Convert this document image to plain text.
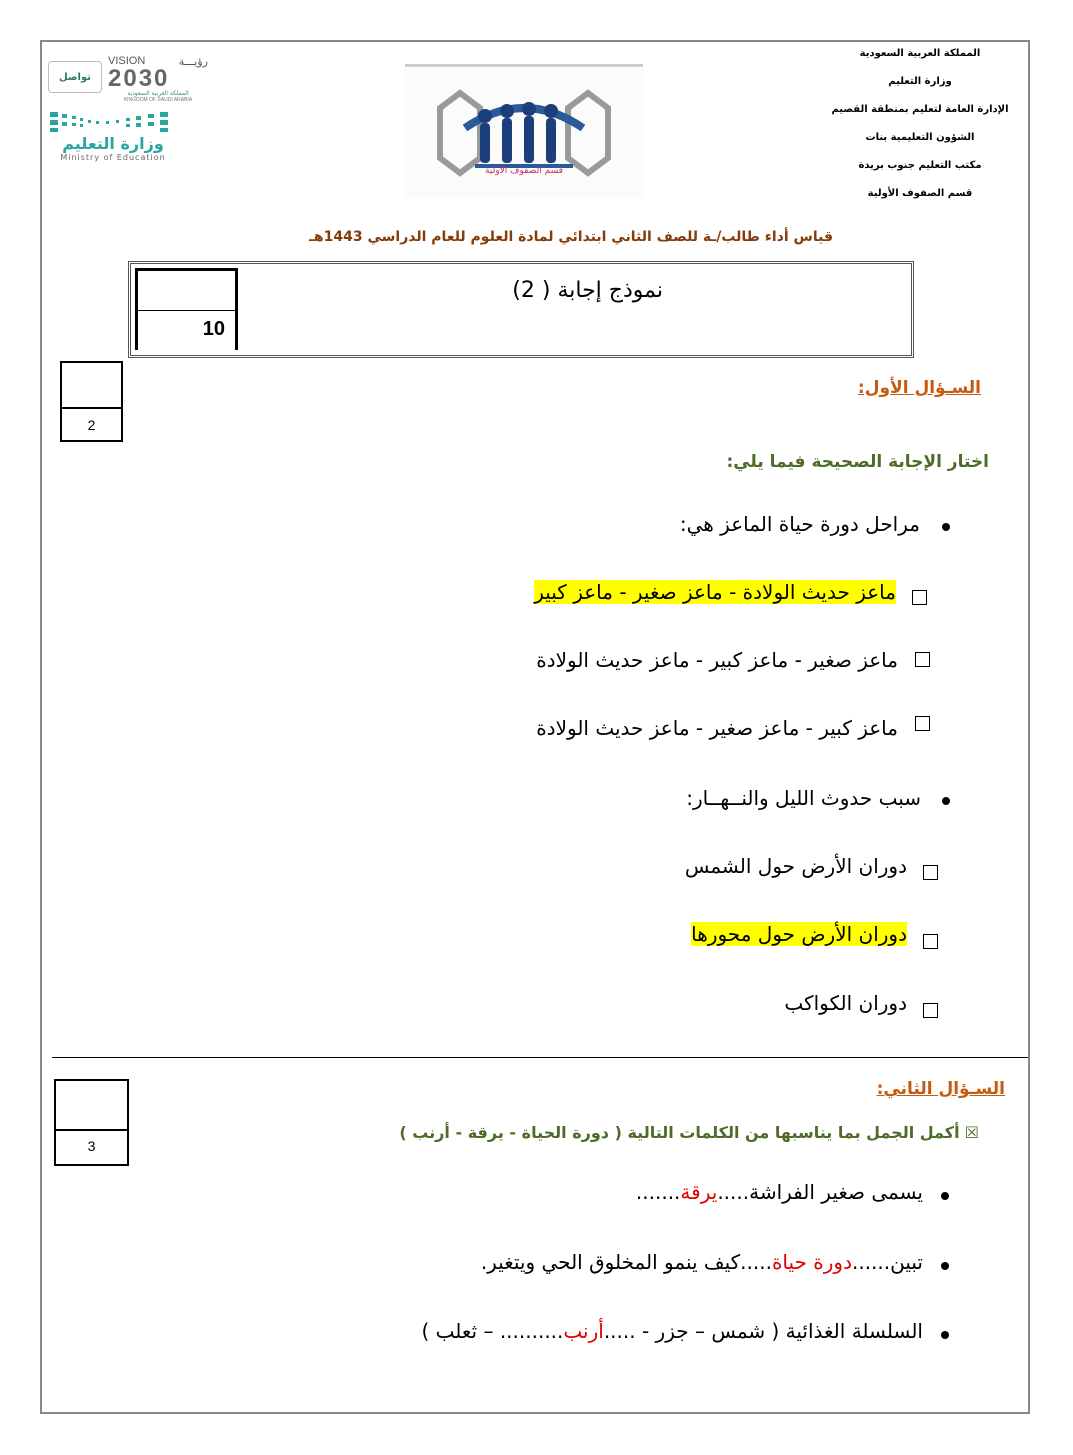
المملكة العربية السعودية
وزارة التعليم
الإدارة العامة لتعليم بمنطقة القصيم
الشؤون التعليمية بنات
مكتب التعليم جنوب بريدة
قسم الصفوف الأولية
تواصل
VISION	رؤيـــة
2030
المملكة العربية السعودية
KINGDOM OF SAUDI ARABIA
وزارة التعليم
Ministry of Education
قسم الصفوف الأولية
قياس أداء طالب/ـة للصف الثاني ابتدائي لمادة العلوم للعام الدراسي 1443هـ
نموذج إجابة ( 2)
10
2
السـؤال الأول:
اختار الإجابة الصحيحة فيما يلي:
مراحل دورة حياة الماعز هي:
ماعز حديث الولادة - ماعز صغير - ماعز كبير
ماعز صغير - ماعز كبير - ماعز حديث الولادة
ماعز كبير - ماعز صغير - ماعز حديث الولادة
سبب حدوث الليل والنــهــار:
دوران الأرض حول الشمس
دوران الأرض حول محورها
دوران الكواكب
3
السـؤال الثاني:
☒ أكمل الجمل بما يناسبها من الكلمات التالية ( دورة الحياة - يرقة - أرنب )
يسمى صغير الفراشة.....يرقة.......
تبين......دورة حياة.....كيف ينمو المخلوق الحي ويتغير.
السلسلة الغذائية ( شمس – جزر - .....أرنب.......... – ثعلب )
